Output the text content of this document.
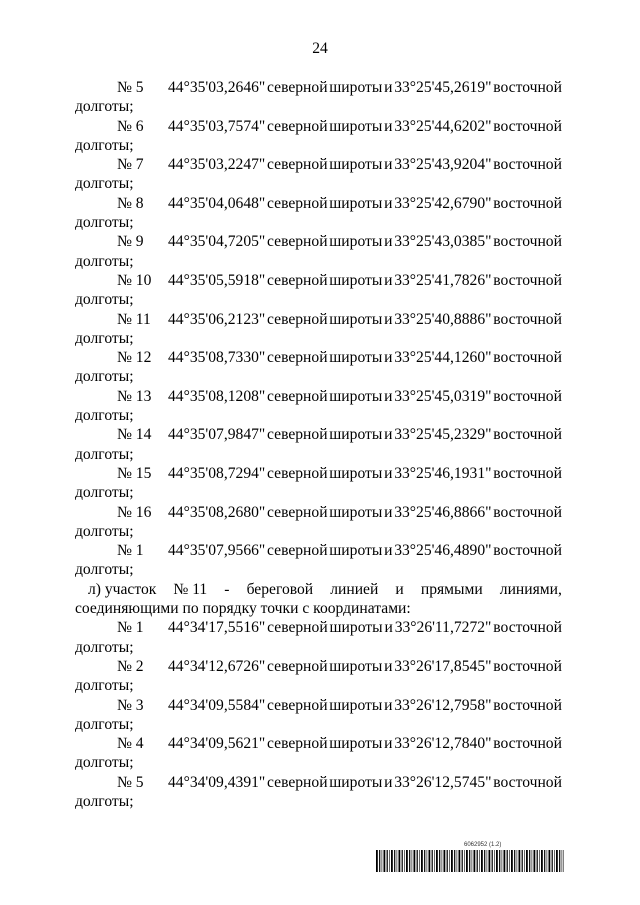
24
№ 5	44°35'03,2646" северной широты и 33°25'45,2619" восточной
долготы;
№ 6	44°35'03,7574" северной широты и 33°25'44,6202" восточной
долготы;
№ 7	44°35'03,2247" северной широты и 33°25'43,9204" восточной
долготы;
№ 8	44°35'04,0648" северной широты и 33°25'42,6790" восточной
долготы;
№ 9	44°35'04,7205" северной широты и 33°25'43,0385" восточной
долготы;
№ 10	44°35'05,5918" северной широты и 33°25'41,7826" восточной
долготы;
№ 11	44°35'06,2123" северной широты и 33°25'40,8886" восточной
долготы;
№ 12	44°35'08,7330" северной широты и 33°25'44,1260" восточной
долготы;
№ 13	44°35'08,1208" северной широты и 33°25'45,0319" восточной
долготы;
№ 14	44°35'07,9847" северной широты и 33°25'45,2329" восточной
долготы;
№ 15	44°35'08,7294" северной широты и 33°25'46,1931" восточной
долготы;
№ 16	44°35'08,2680" северной широты и 33°25'46,8866" восточной
долготы;
№ 1	44°35'07,9566" северной широты и 33°25'46,4890" восточной
долготы;
л) участок № 11 - береговой линией и прямыми линиями,
соединяющими по порядку точки с координатами:
№ 1	44°34'17,5516" северной широты и 33°26'11,7272" восточной
долготы;
№ 2	44°34'12,6726" северной широты и 33°26'17,8545" восточной
долготы;
№ 3	44°34'09,5584" северной широты и 33°26'12,7958" восточной
долготы;
№ 4	44°34'09,5621" северной широты и 33°26'12,7840" восточной
долготы;
№ 5	44°34'09,4391" северной широты и 33°26'12,5745" восточной
долготы;
6062952 (1.2)
